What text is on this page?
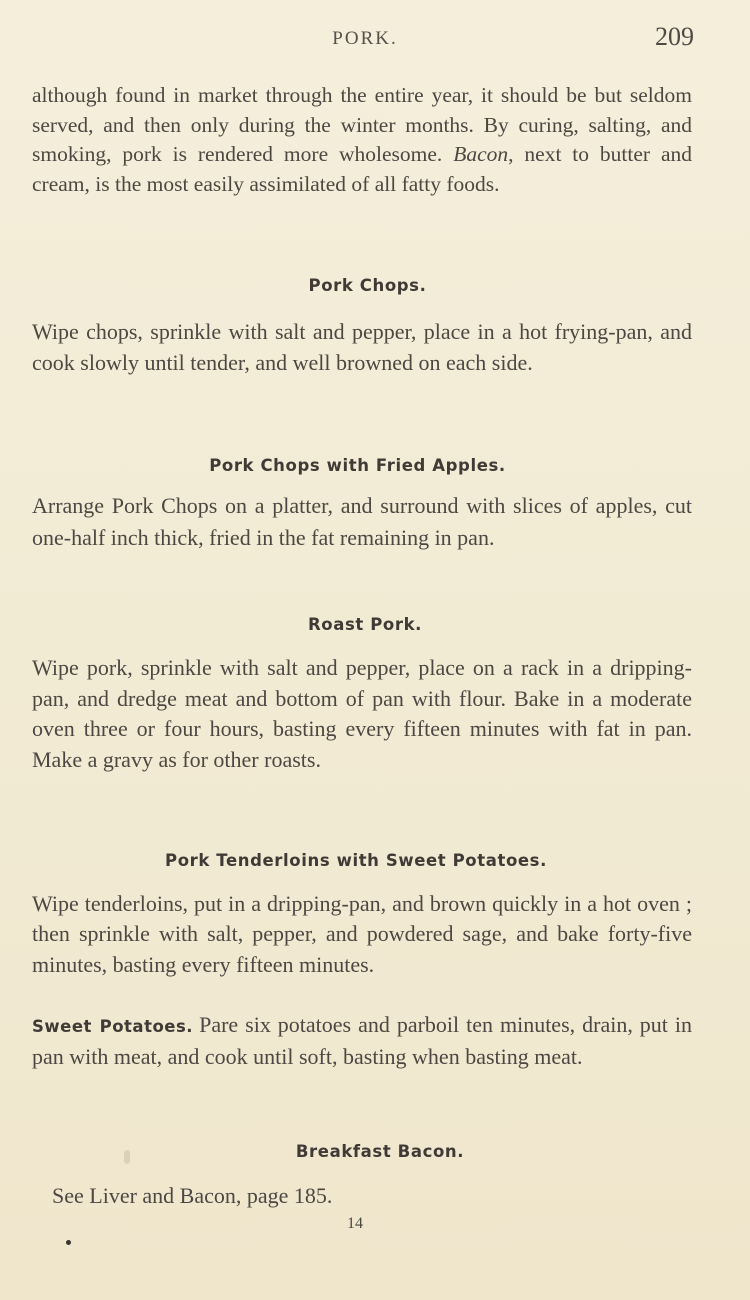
PORK.	209
although found in market through the entire year, it should be but seldom served, and then only during the winter months. By curing, salting, and smoking, pork is rendered more wholesome. Bacon, next to butter and cream, is the most easily assimilated of all fatty foods.
Pork Chops.
Wipe chops, sprinkle with salt and pepper, place in a hot frying-pan, and cook slowly until tender, and well browned on each side.
Pork Chops with Fried Apples.
Arrange Pork Chops on a platter, and surround with slices of apples, cut one-half inch thick, fried in the fat remaining in pan.
Roast Pork.
Wipe pork, sprinkle with salt and pepper, place on a rack in a dripping-pan, and dredge meat and bottom of pan with flour. Bake in a moderate oven three or four hours, basting every fifteen minutes with fat in pan. Make a gravy as for other roasts.
Pork Tenderloins with Sweet Potatoes.
Wipe tenderloins, put in a dripping-pan, and brown quickly in a hot oven ; then sprinkle with salt, pepper, and powdered sage, and bake forty-five minutes, basting every fifteen minutes.
Sweet Potatoes. Pare six potatoes and parboil ten minutes, drain, put in pan with meat, and cook until soft, basting when basting meat.
Breakfast Bacon.
See Liver and Bacon, page 185.
14
